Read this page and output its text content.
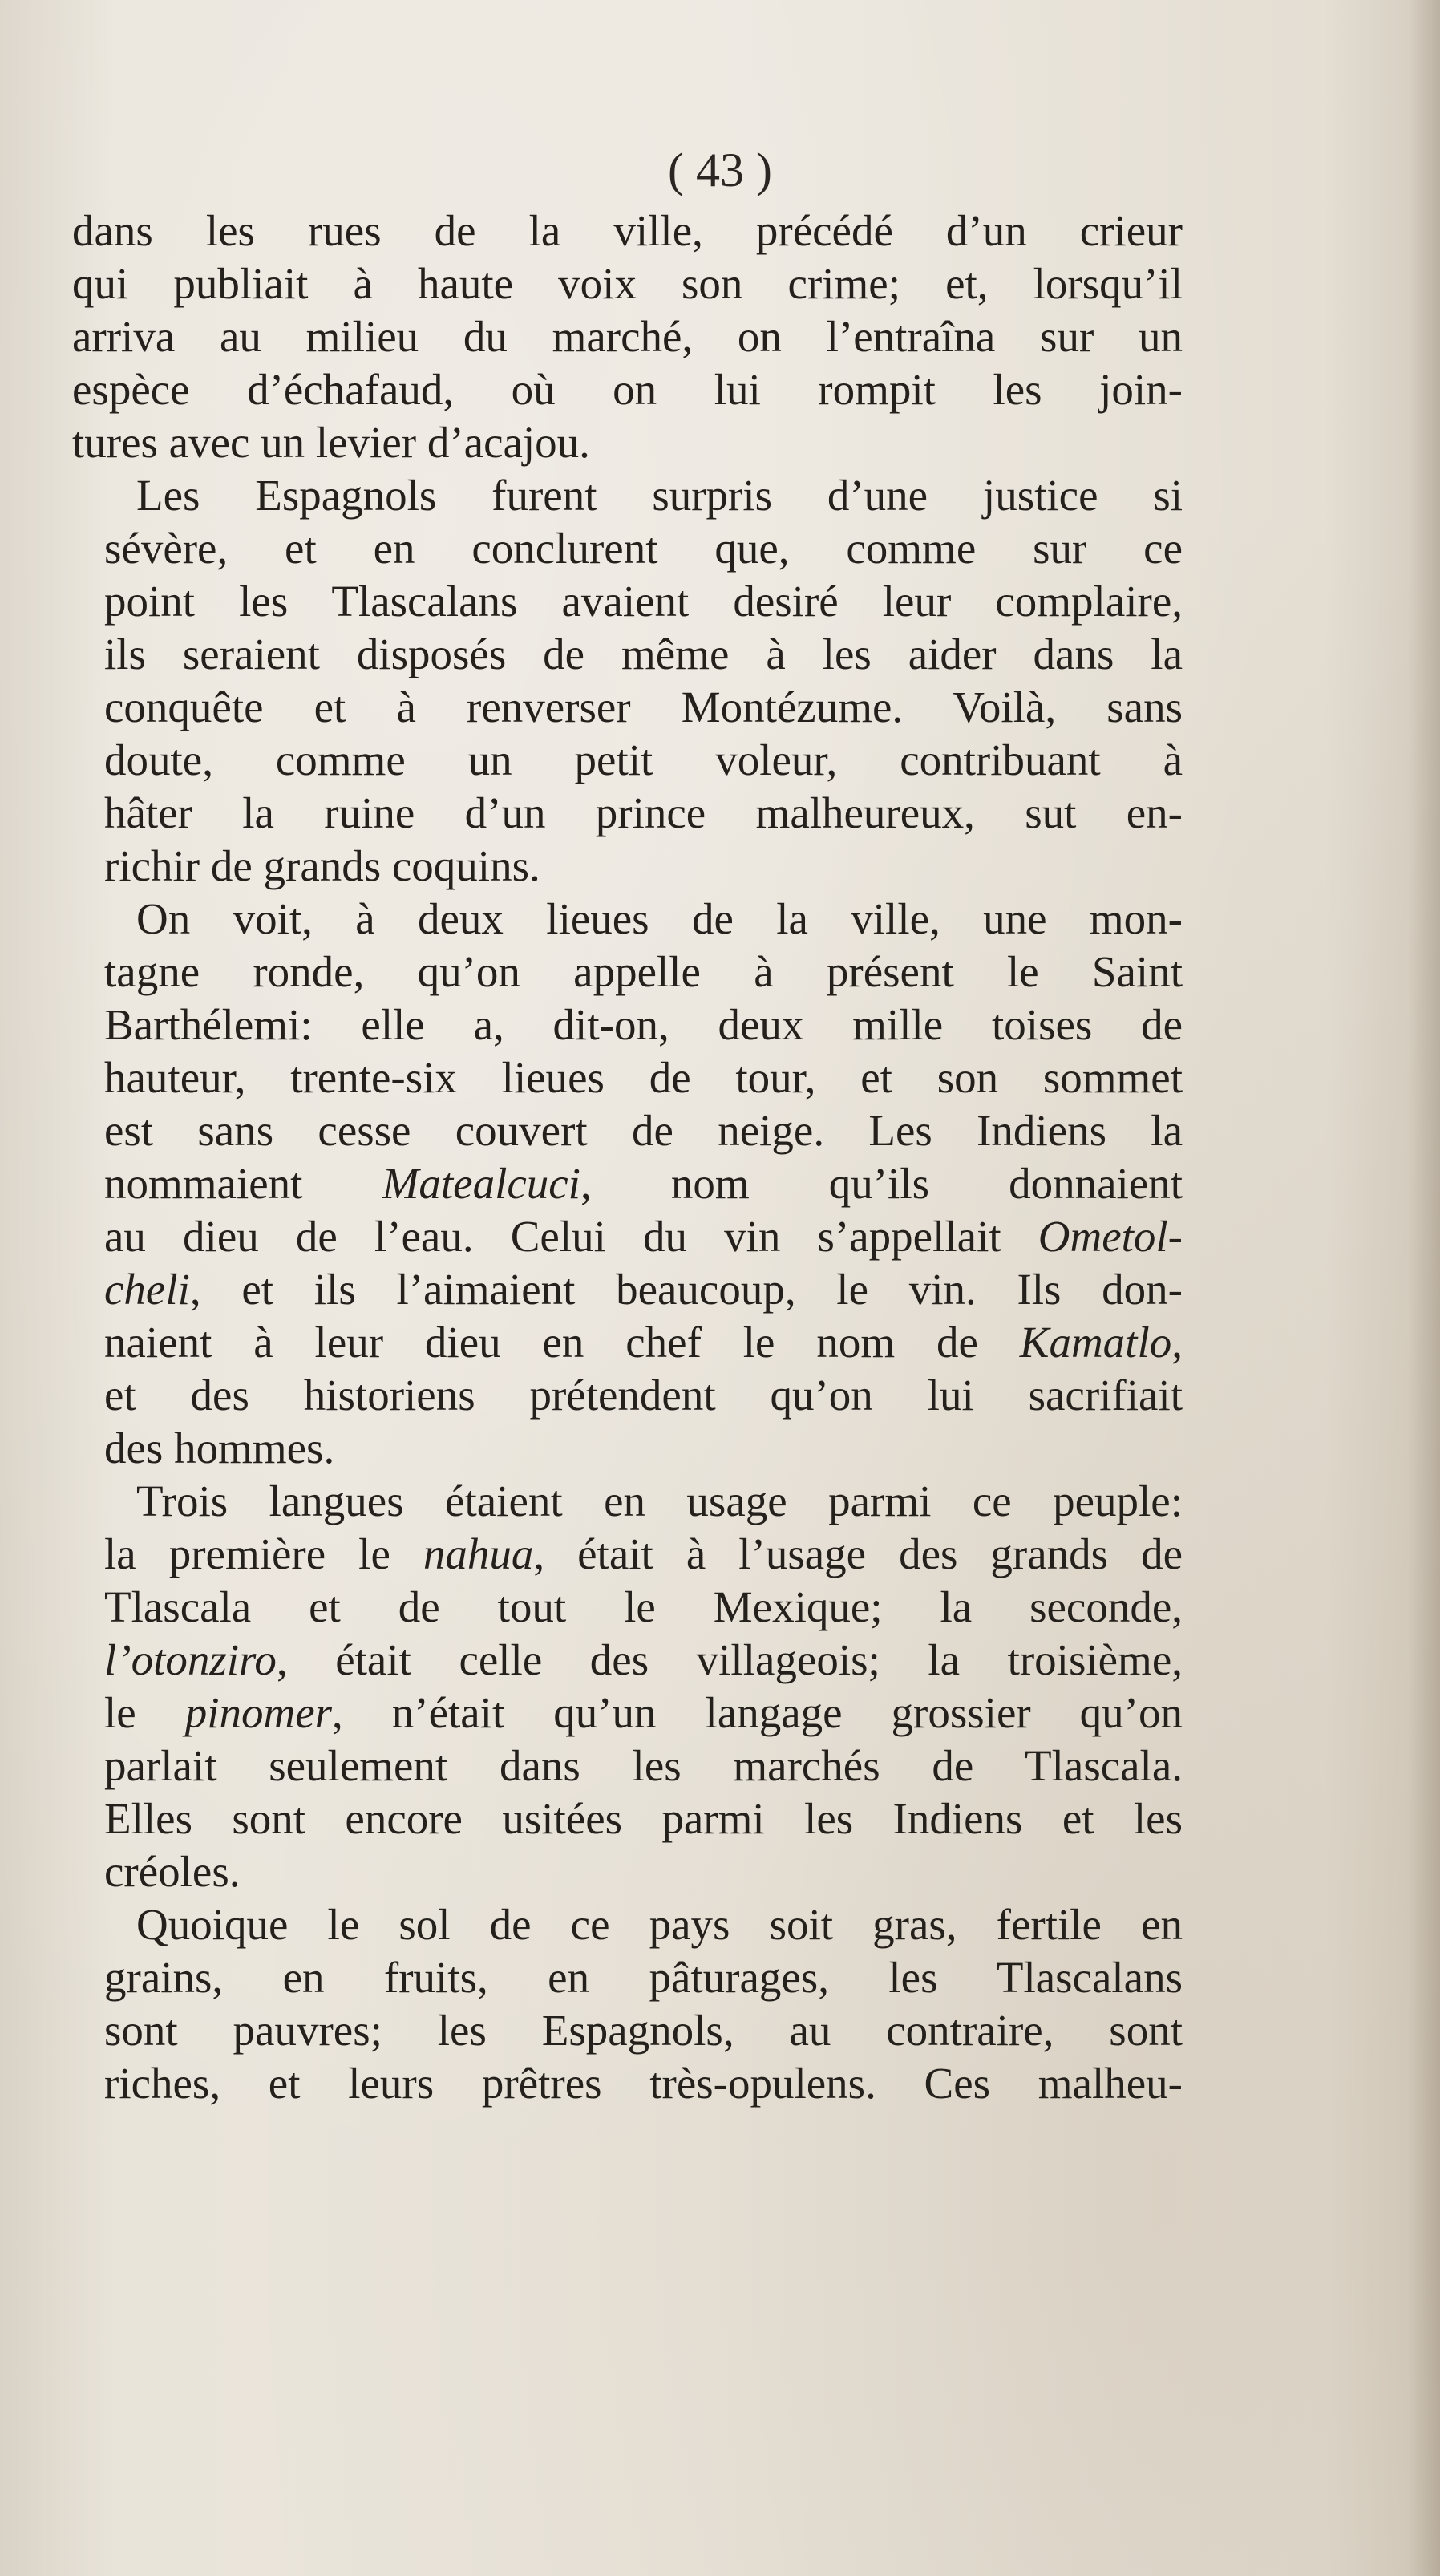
( 43 )

dans les rues de la ville, précédé d’un crieur
qui publiait à haute voix son crime; et, lorsqu’il
arriva au milieu du marché, on l’entraîna sur un
espèce d’échafaud, où on lui rompit les join-
tures avec un levier d’acajou.

Les Espagnols furent surpris d’une justice si
sévère, et en conclurent que, comme sur ce
point les Tlascalans avaient desiré leur complaire,
ils seraient disposés de même à les aider dans la
conquête et à renverser Montézume. Voilà, sans
doute, comme un petit voleur, contribuant à
hâter la ruine d’un prince malheureux, sut en-
richir de grands coquins.

On voit, à deux lieues de la ville, une mon-
tagne ronde, qu’on appelle à présent le Saint
Barthélemi: elle a, dit-on, deux mille toises de
hauteur, trente-six lieues de tour, et son sommet
est sans cesse couvert de neige. Les Indiens la
nommaient Matealcuci, nom qu’ils donnaient
au dieu de l’eau. Celui du vin s’appellait Ometol-
cheli, et ils l’aimaient beaucoup, le vin. Ils don-
naient à leur dieu en chef le nom de Kamatlo,
et des historiens prétendent qu’on lui sacrifiait
des hommes.

Trois langues étaient en usage parmi ce peuple:
la première le nahua, était à l’usage des grands de
Tlascala et de tout le Mexique; la seconde,
l’otonziro, était celle des villageois; la troisième,
le pinomer, n’était qu’un langage grossier qu’on
parlait seulement dans les marchés de Tlascala.
Elles sont encore usitées parmi les Indiens et les
créoles.

Quoique le sol de ce pays soit gras, fertile en
grains, en fruits, en pâturages, les Tlascalans
sont pauvres; les Espagnols, au contraire, sont
riches, et leurs prêtres très-opulens. Ces malheu-
